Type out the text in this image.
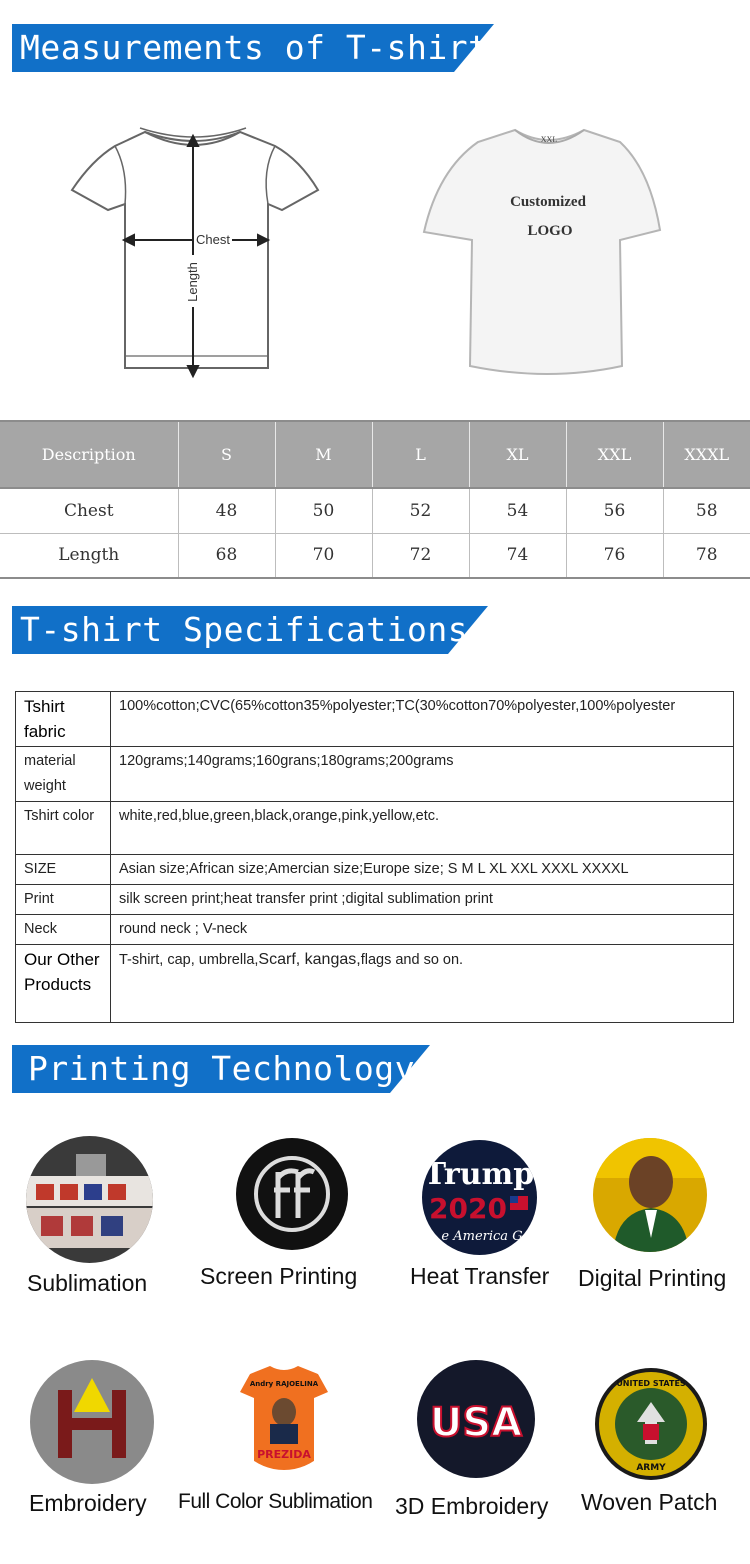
Measurements of T-shirt
Chest
Length
XXL
Customized
LOGO
Description	S	M	L	XL	XXL	XXXL
Chest	48	50	52	54	56	58
Length	68	70	72	74	76	78
T-shirt Specifications
Tshirt fabric	100%cotton;CVC(65%cotton35%polyester;TC(30%cotton70%polyester,100%polyester
material weight	120grams;140grams;160grans;180grams;200grams
Tshirt color	white,red,blue,green,black,orange,pink,yellow,etc.
SIZE	Asian size;African size;Amercian size;Europe size; S M L XL XXL XXXL XXXXL
Print	silk screen print;heat transfer print ;digital sublimation print
Neck	round neck ; V-neck
Our Other Products	T-shirt, cap, umbrella,Scarf, kangas,flags and so on.
Printing Technology
Sublimation Screen Printing
Trump
2020
e America G
Heat Transfer Digital Printing
Embroidery
Andry RAJOELINA
PREZIDA
Full Color Sublimation
USA
3D Embroidery
UNITED STATES
ARMY
Woven Patch
